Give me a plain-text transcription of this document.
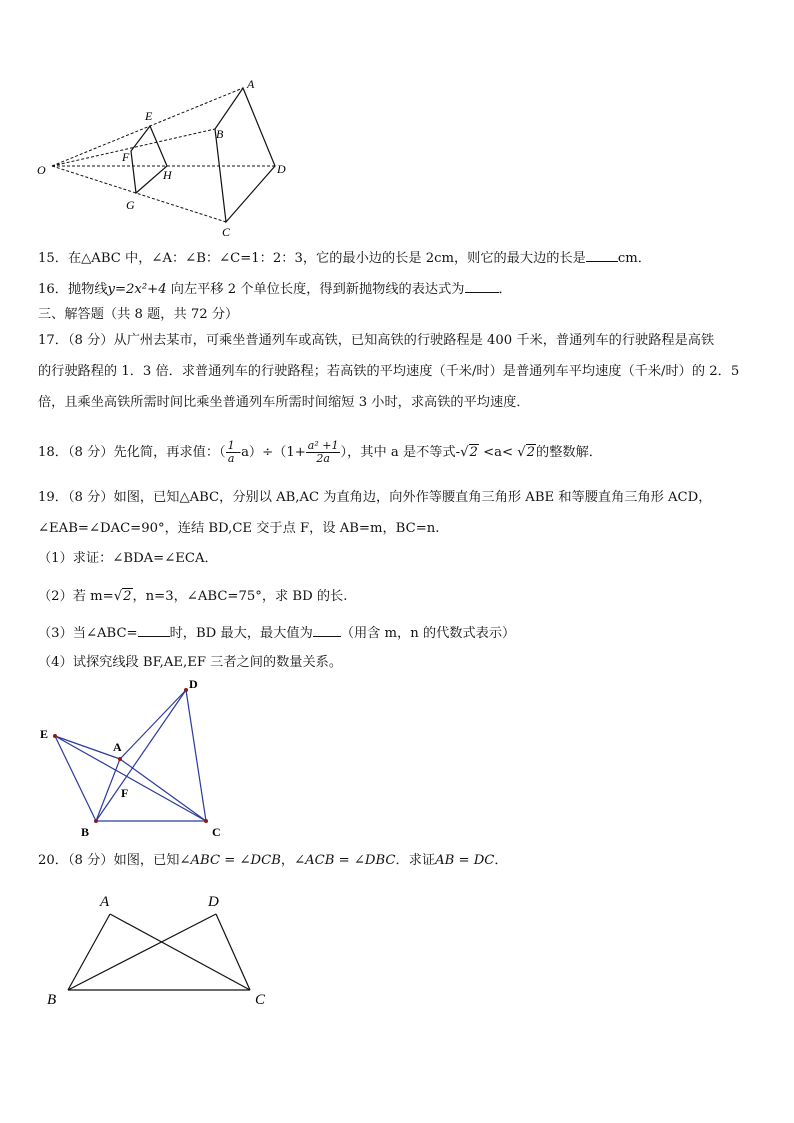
A
B
C
D
E
F
G
H
O
15．在△ABC 中，∠A：∠B：∠C=1：2：3，它的最小边的长是 2cm，则它的最大边的长是 cm．
16．抛物线y=2x²+4 向左平移 2 个单位长度，得到新抛物线的表达式为	．
三、解答题（共 8 题，共 72 分）
17．（8 分）从广州去某市，可乘坐普通列车或高铁，已知高铁的行驶路程是 400 千米，普通列车的行驶路程是高铁
的行驶路程的 1．3 倍．求普通列车的行驶路程；若高铁的平均速度（千米/时）是普通列车平均速度（千米/时）的 2．5
倍，且乘坐高铁所需时间比乘坐普通列车所需时间缩短 3 小时，求高铁的平均速度．
18．（8 分）先化简，再求值：（ $\frac{1}{a} -a)\div(1+ \frac{\text{a² +1}}{2a}$ ），其中 a 是不等式-√2 <a< √2的整数解．
19．（8 分）如图，已知△ABC，分别以 AB,AC 为直角边，向外作等腰直角三角形 ABE 和等腰直角三角形 ACD，
∠EAB=∠DAC=90°，连结 BD,CE 交于点 F，设 AB=m，BC=n.
（1）求证：∠BDA=∠ECA．
（2）若 m=√2，n=3，∠ABC=75°，求 BD 的长.
（3）当∠ABC= 时，BD 最大，最大值为 （用含 m，n 的代数式表示）
（4）试探究线段 BF,AE,EF 三者之间的数量关系。
D
E
A
F
B	C
20．（8 分）如图，已知∠ABC = ∠DCB，∠ACB = ∠DBC．求证AB = DC．
A	D
B	C
